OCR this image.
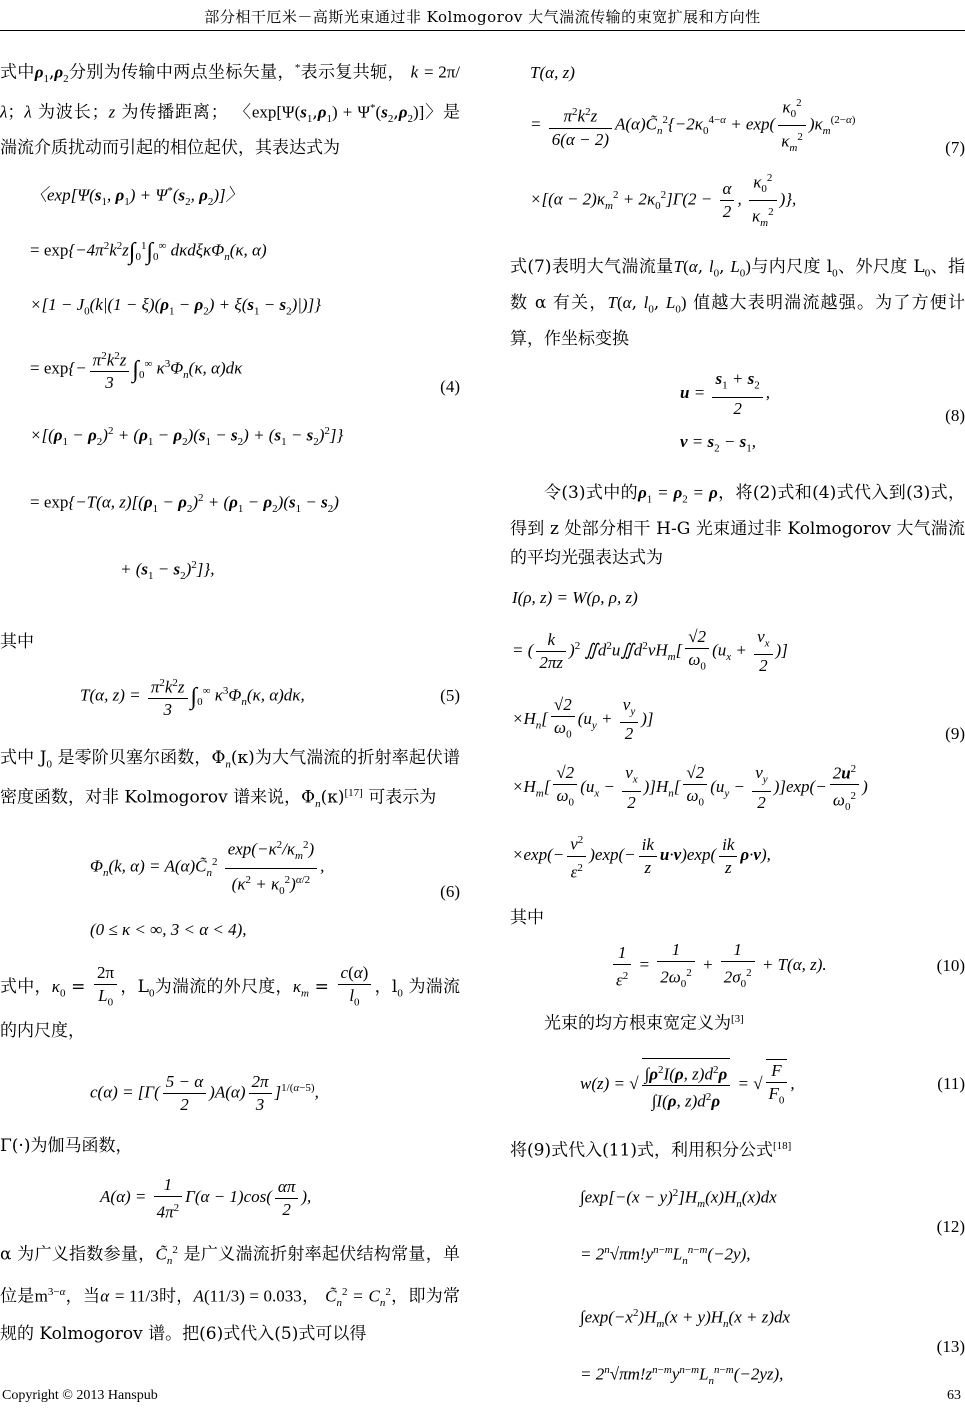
部分相干厄米－高斯光束通过非 Kolmogorov 大气湍流传输的束宽扩展和方向性

式中$\rho_1,\rho_2$分别为传输中两点坐标矢量，*表示复共轭， k = 2π/λ；λ 为波长；z 为传播距离； 〈$\exp[\Psi(s_1,\rho_1) + \Psi^*(s_2,\rho_2)]$〉是湍流介质扰动而引起的相位起伏，其表达式为

〈$\exp[\Psi(s_1$, $\rho_1) + \Psi^*(s_2$, $\rho_2$)]〉
= $\exp\{-4\pi^2k^2z\int_0^1\int_0^\infty$ dκdξκΦ$_n$(κ, α)
$\times[1 - J_0(k|(1 - \xi)(\rho_1 - \rho_2) + \xi(s_1 - s_2)|)]$}
= $\exp\{- \frac{\pi^2k^2z}{3} \int_0^\infty$ $\kappa^3\Phi_n(\kappa$, α)dκ
$\times[(\rho_1 - \rho_2)^2 + (\rho_1 - \rho_2)(s_1 - s_2) + (s_1 - s_2)^2]$}
= exp{−T(α, $z)[(\rho_1 - \rho_2)^2 + (\rho_1 - \rho_2)(s_1 - s_2)$
+ $(s_1 - s_2)^2$]},
(4)

其中

T(α, $z) = \frac{\pi^2k^2z}{3} \int_0^\infty$ $\kappa^3\Phi_n(\kappa$, α)dκ,	(5)

式中 $J_0$ 是零阶贝塞尔函数，$\Phi_n(\kappa)$为大气湍流的折射率起伏谱密度函数，对非 Kolmogorov 谱来说，$\Phi_n(\kappa)[17]$ 可表示为

$\Phi_n(k$, $\alpha) = A(\alpha)C̃_n^2 \frac{\exp(-\kappa^2/\kappa_m^2)}{(\kappa^2 + \kappa_0^2)^{\alpha/2}}$ ,
(0 ≤ κ < ∞, 3 < α < 4),
(6)

式中，$\kappa_0 = \frac{2\pi}{L_0}$ ，$L_0$为湍流的外尺度，$\kappa_m = \frac{c(\alpha)}{l_0}$ ，$l_0$ 为湍流的内尺度，

$c(\alpha) = [\Gamma( \frac{5 - \alpha}{2} )A(\alpha) \frac{2\pi}{3} ]^{1/(\alpha-5)}$,

Γ(·)为伽马函数，

$A(\alpha) = \frac{1}{4\pi^2} \Gamma(\alpha - 1)\cos( \frac{\alpha\pi}{2}$ ),

α 为广义指数参量，$C̃_n^2$ 是广义湍流折射率起伏结构常量，单位是$m^{3-\alpha}$，当α = 11/3时，A(11/3) = 0.033， $C̃_n^2 = C_n^2$，即为常规的 Kolmogorov 谱。把(6)式代入(5)式可以得

T(α, z)
= $\frac{\pi^2k^2z}{6(\alpha - 2)}$ $A(\alpha)C̃_n^2\{-2\kappa_0^{4-\alpha} + \exp( \frac{\kappa_0^2}{\kappa_m^2} )\kappa_m^{(2-\alpha)}$
$\times[(\alpha - 2)\kappa_m^2 + 2\kappa_0^2]\Gamma(2 - \frac{\alpha}{2}$ , $\frac{\kappa_0^2}{\kappa_m^2}$ )},
(7)

式(7)表明大气湍流量T(α, $l_0$, $L_0$)与内尺度 $l_0$、外尺度 $L_0$、指数 α 有关，T(α, $l_0$, $L_0$) 值越大表明湍流越强。为了方便计算，作坐标变换

$u = \frac{s_1 + s_2}{2}$ ,
$v = s_2 - s_1$,
(8)

令(3)式中的$\rho_1 = \rho_2 = \rho$，将(2)式和(4)式代入到(3)式，得到 z 处部分相干 H-G 光束通过非 Kolmogorov 大气湍流的平均光强表达式为

I(ρ, z) = W(ρ, ρ, z)
= ( $\frac{k}{2\pi z} )^2$ $∬d^2u∬d^2vH_m[ \frac{√2}{\omega_0} (u_x + \frac{v_x}{2}$ )]
$\times H_n[ \frac{√2}{\omega_0} (u_y + \frac{v_y}{2}$ )]
$\times H_m[ \frac{√2}{\omega_0} (u_x - \frac{v_x}{2} )]H_n[ \frac{√2}{\omega_0} (u_y - \frac{v_y}{2} )]\exp(- \frac{2u^2}{\omega_0^2}$ )
$\times\exp(- \frac{v^2}{\varepsilon^2} )\exp(- \frac{ik}{z} u\cdot v)\exp( \frac{ik}{z} \rho\cdot v)$,
(9)

其中

$\frac{1}{\varepsilon^2} = \frac{1}{2\omega_0^2} + \frac{1}{2\sigma_0^2} + T(\alpha$, z).	(10)

光束的均方根束宽定义为[3]

w(z) = √ $\frac{\int\rho^2I(\rho, z)d^2\rho}{\int I(\rho, z)d^2\rho}$ = √ $\frac{F}{F_0}$ ,	(11)

将(9)式代入(11)式，利用积分公式[18]

$\int\exp[-(x - y)^2]H_m(x)H_n(x)dx$
= $2^n√\pi m!y^{n-m}L_n^{n-m}(-2y)$,
(12)
$\int\exp(-x^2)H_m(x + y)H_n(x + z)dx$
= $2^n√\pi m!z^{n-m}y^{n-m}L_n^{n-m}(-2yz)$,
(13)
Copyright © 2013 Hanspub	63
